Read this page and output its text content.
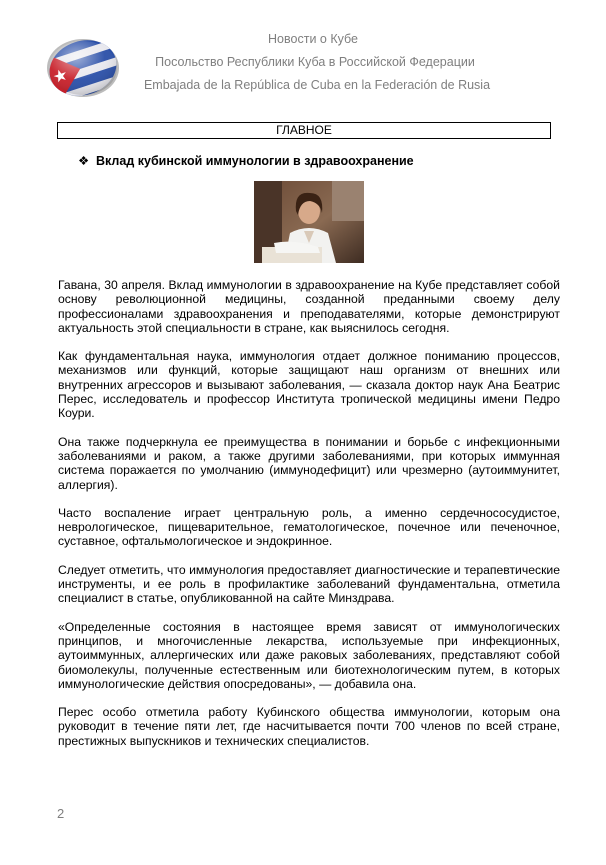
Новости о Кубе
Посольство Республики Куба в Российской Федерации
Embajada de la República de Cuba en la Federación de Rusia
ГЛАВНОЕ
❖ Вклад кубинской иммунологии в здравоохранение

Гавана, 30 апреля. Вклад иммунологии в здравоохранение на Кубе представляет собой основу революционной медицины, созданной преданными своему делу профессионалами здравоохранения и преподавателями, которые демонстрируют актуальность этой специальности в стране, как выяснилось сегодня.

Как фундаментальная наука, иммунология отдает должное пониманию процессов, механизмов или функций, которые защищают наш организм от внешних или внутренних агрессоров и вызывают заболевания, — сказала доктор наук Ана Беатрис Перес, исследователь и профессор Института тропической медицины имени Педро Коури.

Она также подчеркнула ее преимущества в понимании и борьбе с инфекционными заболеваниями и раком, а также другими заболеваниями, при которых иммунная система поражается по умолчанию (иммунодефицит) или чрезмерно (аутоиммунитет, аллергия).

Часто воспаление играет центральную роль, а именно сердечнососудистое, неврологическое, пищеварительное, гематологическое, почечное или печеночное, суставное, офтальмологическое и эндокринное.

Следует отметить, что иммунология предоставляет диагностические и терапевтические инструменты, и ее роль в профилактике заболеваний фундаментальна, отметила специалист в статье, опубликованной на сайте Минздрава.

«Определенные состояния в настоящее время зависят от иммунологических принципов, и многочисленные лекарства, используемые при инфекционных, аутоиммунных, аллергических или даже раковых заболеваниях, представляют собой биомолекулы, полученные естественным или биотехнологическим путем, в которых иммунологические действия опосредованы», — добавила она.

Перес особо отметила работу Кубинского общества иммунологии, которым она руководит в течение пяти лет, где насчитывается почти 700 членов по всей стране, престижных выпускников и технических специалистов.

2
